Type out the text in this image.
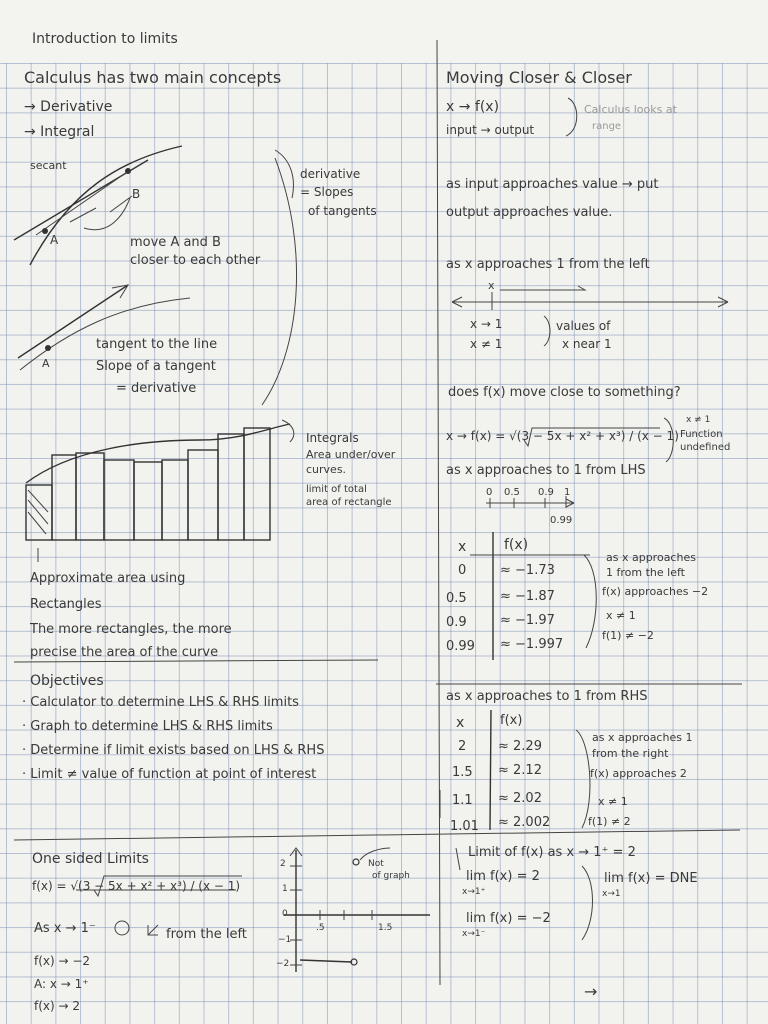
Introduction to limits
Calculus has two main concepts
→ Derivative
→ Integral
secant
A
B
derivative
= Slopes
of tangents
move A and B
closer to each other
tangent to the line
Slope of a tangent
= derivative
A
Integrals
Area under/over
curves.
limit of total
area of rectangle
Approximate area using
Rectangles
The more rectangles, the more
precise the area of the curve
Objectives
· Calculator to determine LHS & RHS limits
· Graph to determine LHS & RHS limits
· Determine if limit exists based on LHS & RHS
· Limit ≠ value of function at point of interest
One sided Limits
f(x) = √(3 − 5x + x² + x³) / (x − 1)
As x → 1⁻	from the left
f(x) → −2
A: x → 1⁺
f(x) → 2
Moving Closer & Closer
x → f(x)
input → output
Calculus looks at
range
as input approaches value → put
output approaches value.
as x approaches 1 from the left
x
x → 1
x ≠ 1
values of
x near 1
does f(x) move close to something?
x → f(x) = √(3 − 5x + x² + x³) / (x − 1)
x ≠ 1
Function
undefined
as x approaches to 1 from LHS
0 0.5 0.9 1
0.99
x	f(x)
0	≈ −1.73
0.5	≈ −1.87
0.9	≈ −1.97
0.99 ≈ −1.997
as x approaches
1 from the left
f(x) approaches −2
x ≠ 1
f(1) ≠ −2
as x approaches to 1 from RHS
x	f(x)
2 ≈ 2.29
1.5 ≈ 2.12
1.1 ≈ 2.02
1.01 ≈ 2.002
as x approaches 1
from the right
f(x) approaches 2
x ≠ 1
f(1) ≠ 2
Not
of graph
2
1
0
−1
−2
.5	1.5
Limit of f(x) as x → 1⁺ = 2
lim f(x) = 2
x→1⁺
lim f(x) = −2
x→1⁻
lim f(x) = DNE
x→1
→
